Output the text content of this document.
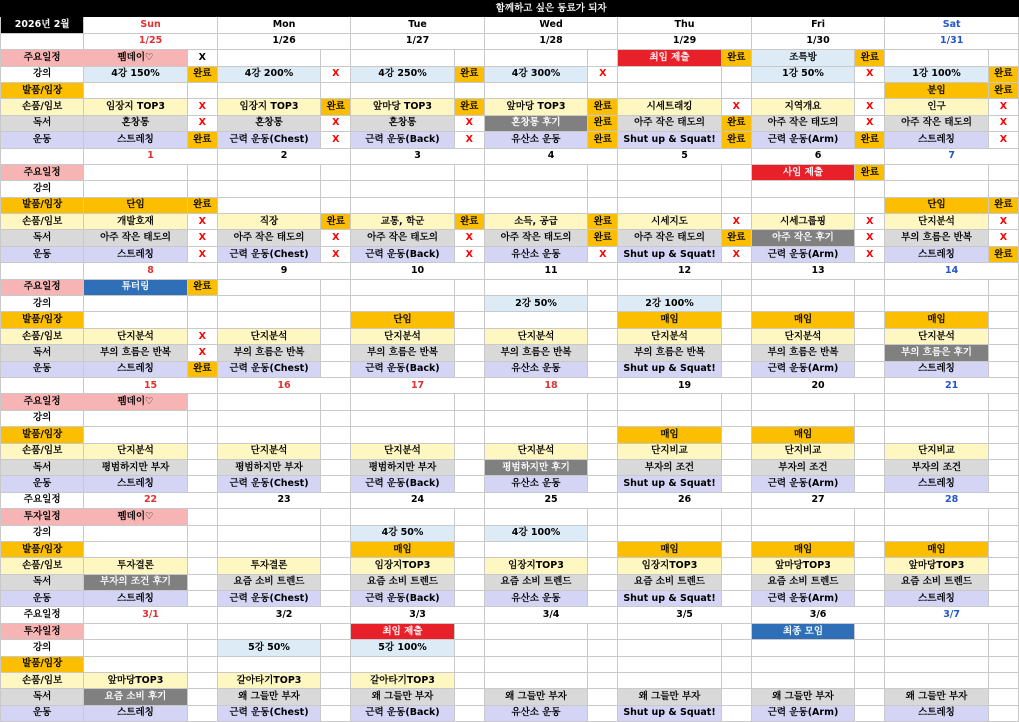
	함께하고 싶은 동료가 되자													
2026년 2월	Sun		Mon		Tue		Wed		Thu		Fri		Sat	
	1/25		1/26		1/27		1/28		1/29		1/30		1/31	
주요일정	펨데이♡	X							최임 제출	완료	조특방	완료		
강의	4강 150%	완료	4강 200%	X	4강 250%	완료	4강 300%	X			1강 50%	X	1강 100%	완료
발품/임장													분임	완료
손품/임보	임장지 TOP3	X	임장지 TOP3	완료	앞마당 TOP3	완료	앞마당 TOP3	완료	시세트래킹	X	지역개요	X	인구	X
독서	혼창통	X	혼창통	X	혼창통	X	혼창통 후기	완료	아주 작은 태도의	완료	아주 작은 태도의	X	아주 작은 태도의	X
운동	스트레칭	완료	근력 운동(Chest)	X	근력 운동(Back)	X	유산소 운동	완료	Shut up & Squat!	완료	근력 운동(Arm)	완료	스트레칭	X
	1		2		3		4		5		6		7	
주요일정											사임 제출	완료		
강의														
발품/임장	단임	완료											단임	완료
손품/임보	개발호재	X	직장	완료	교통, 학군	완료	소득, 공급	완료	시세지도	X	시세그룹핑	X	단지분석	X
독서	아주 작은 태도의	X	아주 작은 태도의	X	아주 작은 태도의	X	아주 작은 태도의	완료	아주 작은 태도의	완료	아주 작은 후기	X	부의 흐름은 반복	X
운동	스트레칭	X	근력 운동(Chest)	X	근력 운동(Back)	X	유산소 운동	X	Shut up & Squat!	X	근력 운동(Arm)	X	스트레칭	완료
	8		9		10		11		12		13		14	
주요일정	튜터링	완료												
강의							2강 50%		2강 100%					
발품/임장					단임				매임		매임		매임	
손품/임보	단지분석	X	단지분석		단지분석		단지분석		단지분석		단지분석		단지분석	
독서	부의 흐름은 반복	X	부의 흐름은 반복		부의 흐름은 반복		부의 흐름은 반복		부의 흐름은 반복		부의 흐름은 반복		부의 흐름은 후기	
운동	스트레칭	완료	근력 운동(Chest)		근력 운동(Back)		유산소 운동		Shut up & Squat!		근력 운동(Arm)		스트레칭	
	15		16		17		18		19		20		21	
주요일정	펨데이♡													
강의														
발품/임장									매임		매임			
손품/임보	단지분석		단지분석		단지분석		단지분석		단지비교		단지비교		단지비교	
독서	평범하지만 부자		평범하지만 부자		평범하지만 부자		평범하지만 후기		부자의 조건		부자의 조건		부자의 조건	
운동	스트레칭		근력 운동(Chest)		근력 운동(Back)		유산소 운동		Shut up & Squat!		근력 운동(Arm)		스트레칭	
주요일정	22		23		24		25		26		27		28	
투자일정	펨데이♡													
강의					4강 50%		4강 100%							
발품/임장					매임				매임		매임		매임	
손품/임보	투자결론		투자결론		임장지TOP3		임장지TOP3		임장지TOP3		앞마당TOP3		앞마당TOP3	
독서	부자의 조건 후기		요즘 소비 트렌드		요즘 소비 트렌드		요즘 소비 트렌드		요즘 소비 트렌드		요즘 소비 트렌드		요즘 소비 트렌드	
운동	스트레칭		근력 운동(Chest)		근력 운동(Back)		유산소 운동		Shut up & Squat!		근력 운동(Arm)		스트레칭	
주요일정	3/1		3/2		3/3		3/4		3/5		3/6		3/7	
투자일정					최임 제출						최종 모임			
강의			5강 50%		5강 100%									
발품/임장														
손품/임보	앞마당TOP3		갈아타기TOP3		갈아타기TOP3									
독서	요즘 소비 후기		왜 그들만 부자		왜 그들만 부자		왜 그들만 부자		왜 그들만 부자		왜 그들만 부자		왜 그들만 부자	
운동	스트레칭		근력 운동(Chest)		근력 운동(Back)		유산소 운동		Shut up & Squat!		근력 운동(Arm)		스트레칭	
